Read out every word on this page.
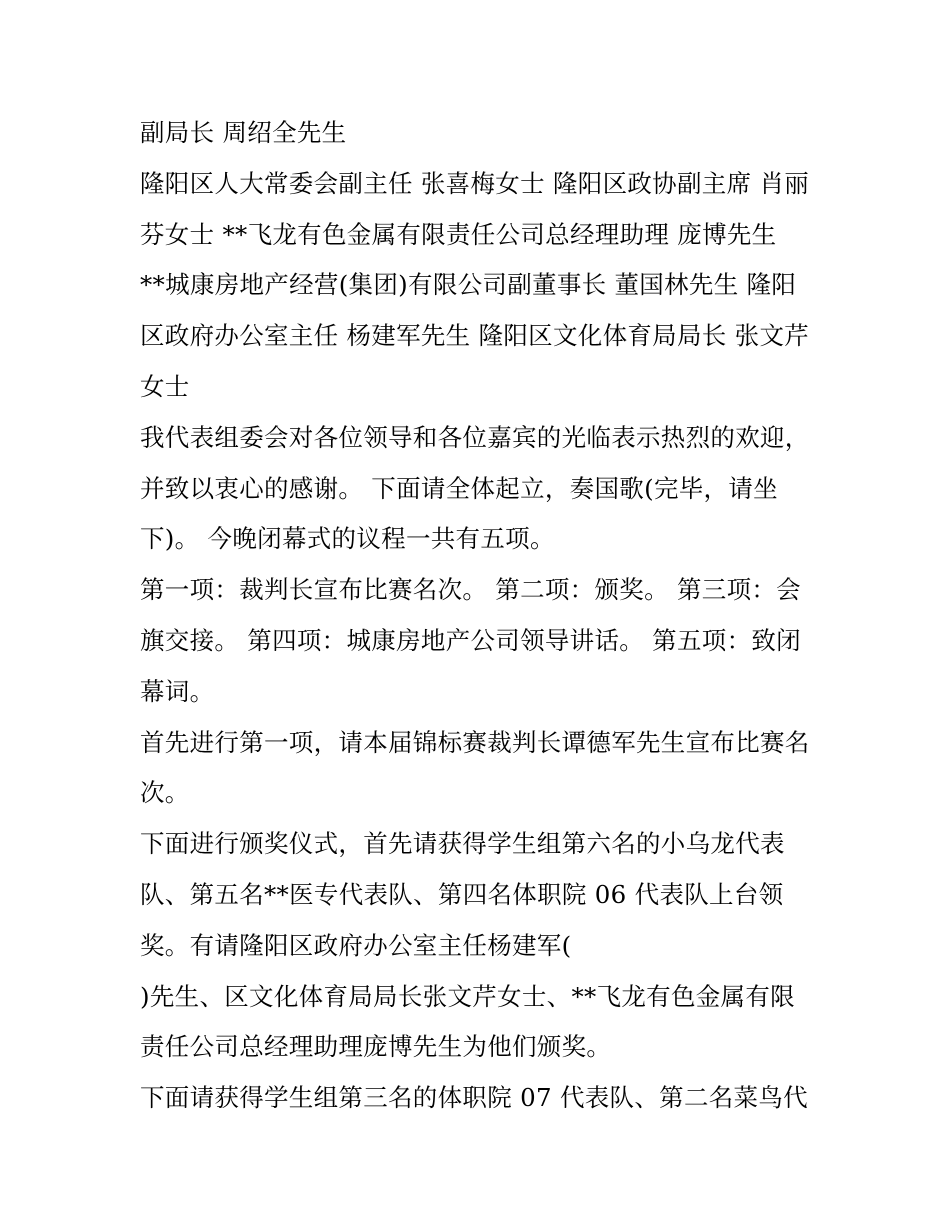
副局长 周绍全先生
隆阳区人大常委会副主任 张喜梅女士 隆阳区政协副主席 肖丽
芬女士 **飞龙有色金属有限责任公司总经理助理 庞博先生
**城康房地产经营(集团)有限公司副董事长 董国林先生 隆阳
区政府办公室主任 杨建军先生 隆阳区文化体育局局长 张文芹
女士
我代表组委会对各位领导和各位嘉宾的光临表示热烈的欢迎，
并致以衷心的感谢。 下面请全体起立，奏国歌(完毕，请坐
下)。 今晚闭幕式的议程一共有五项。
第一项：裁判长宣布比赛名次。 第二项：颁奖。 第三项：会
旗交接。 第四项：城康房地产公司领导讲话。 第五项：致闭
幕词。
首先进行第一项，请本届锦标赛裁判长谭德军先生宣布比赛名
次。
下面进行颁奖仪式，首先请获得学生组第六名的小乌龙代表
队、第五名**医专代表队、第四名体职院 06 代表队上台领
奖。有请隆阳区政府办公室主任杨建军(
)先生、区文化体育局局长张文芹女士、**飞龙有色金属有限
责任公司总经理助理庞博先生为他们颁奖。
下面请获得学生组第三名的体职院 07 代表队、第二名菜鸟代
